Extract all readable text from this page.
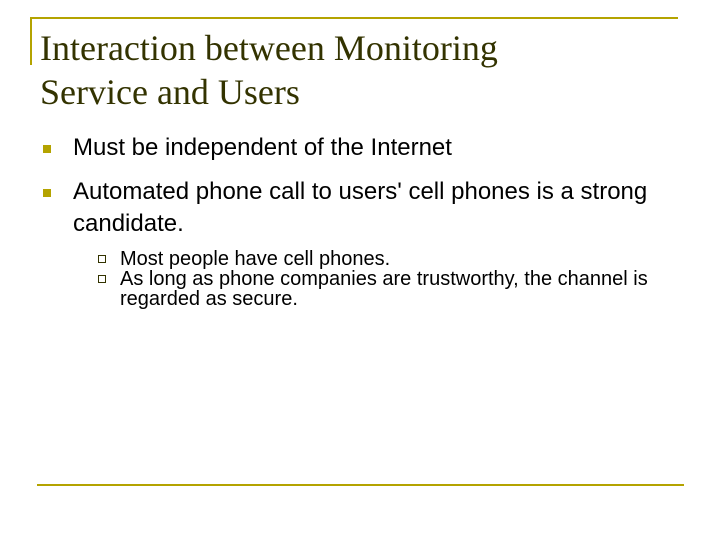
Interaction between Monitoring
Service and Users
Must be independent of the Internet
Automated phone call to users' cell phones is a strong candidate.
Most people have cell phones.
As long as phone companies are trustworthy, the channel is regarded as secure.
